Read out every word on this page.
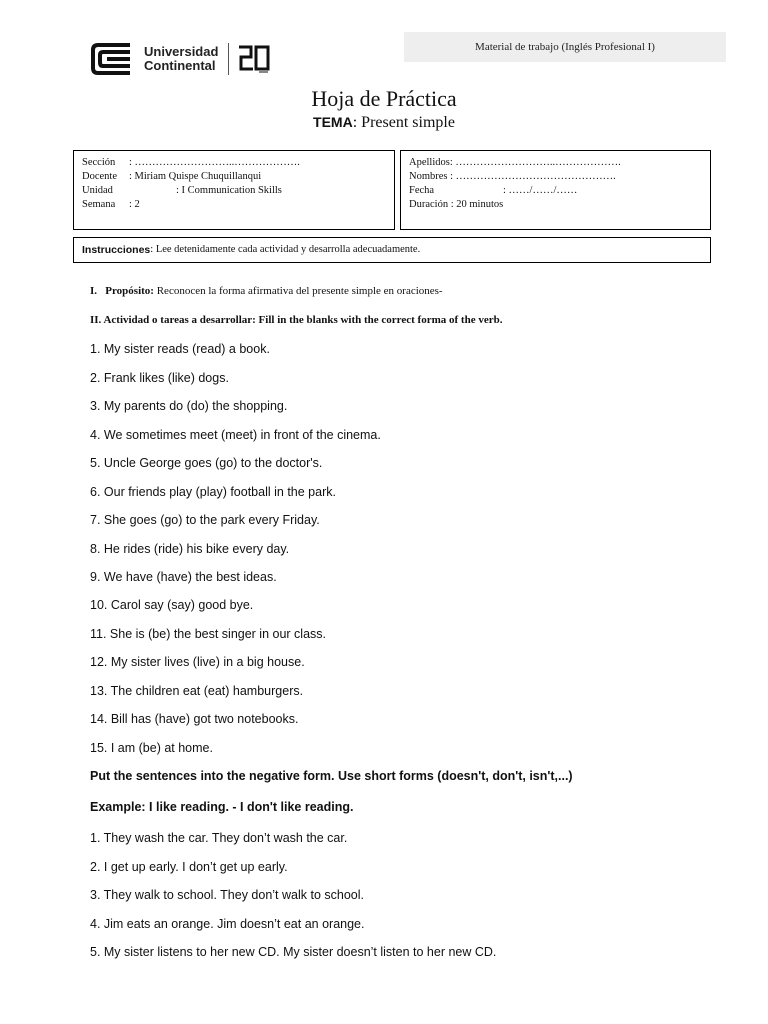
Universidad
Continental
Material de trabajo (Inglés Profesional I)
Hoja de Práctica
TEMA: Present simple
Sección	: ………………………..……………….
Docente	: Miriam Quispe Chuquillanqui
Unidad	: I Communication Skills
Semana	: 2
Apellidos: ………………………..……………….
Nombres : ……………………………………….
Fecha	: ……/……/……
Duración : 20 minutos
Instrucciones : Lee detenidamente cada actividad y desarrolla adecuadamente.
I. Propósito: Reconocen la forma afirmativa del presente simple en oraciones-
II. Actividad o tareas a desarrollar: Fill in the blanks with the correct forma of the verb.
1. My sister reads (read) a book.
2. Frank likes (like) dogs.
3. My parents do (do) the shopping.
4. We sometimes meet (meet) in front of the cinema.
5. Uncle George goes (go) to the doctor's.
6. Our friends play (play) football in the park.
7. She goes (go) to the park every Friday.
8. He rides (ride) his bike every day.
9. We have (have) the best ideas.
10. Carol say (say) good bye.
11. She is (be) the best singer in our class.
12. My sister lives (live) in a big house.
13. The children eat (eat) hamburgers.
14. Bill has (have) got two notebooks.
15. I am (be) at home.
Put the sentences into the negative form. Use short forms (doesn't, don't, isn't,...)
Example: I like reading. - I don't like reading.
1. They wash the car. They don’t wash the car.
2. I get up early. I don’t get up early.
3. They walk to school. They don’t walk to school.
4. Jim eats an orange. Jim doesn’t eat an orange.
5. My sister listens to her new CD. My sister doesn’t listen to her new CD.
